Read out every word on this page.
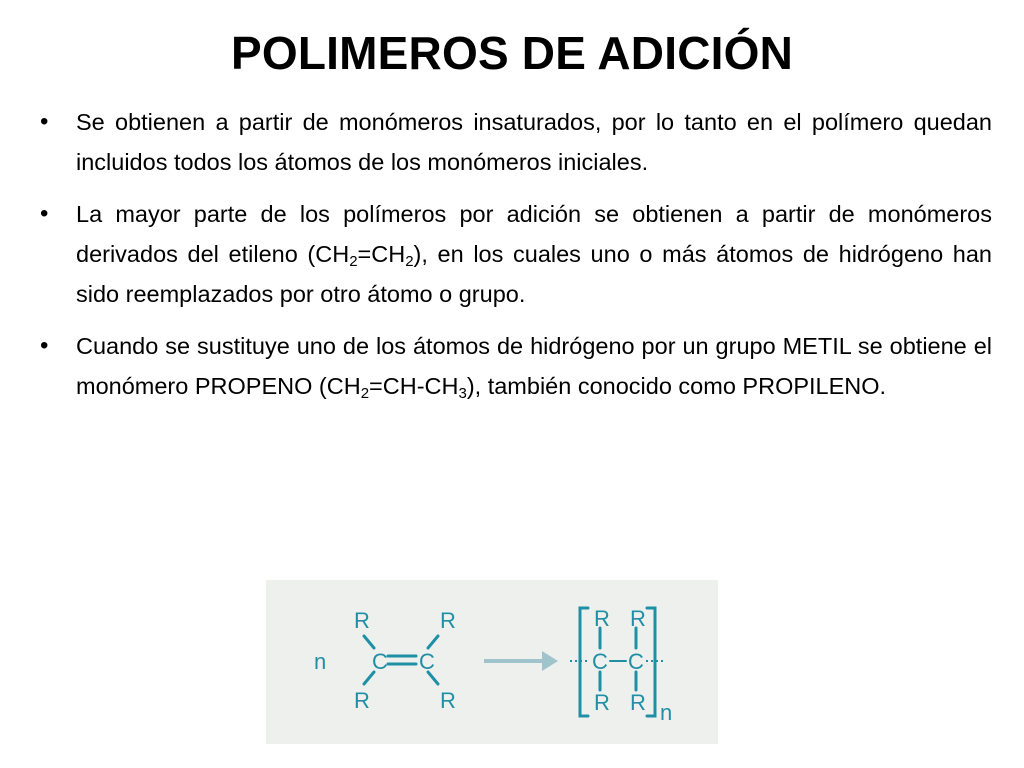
POLIMEROS DE ADICIÓN
•	Se obtienen a partir de monómeros insaturados, por lo tanto en el polímero quedan incluidos todos los átomos de los monómeros iniciales.
•	La mayor parte de los polímeros por adición se obtienen a partir de monómeros derivados del etileno $(CH_2=CH_2)$, en los cuales uno o más átomos de hidrógeno han sido reemplazados por otro átomo o grupo.
•	Cuando se sustituye uno de los átomos de hidrógeno por un grupo METIL se obtiene el monómero PROPENO $(CH_2=CH-CH_3)$, también conocido como PROPILENO.
n
R
R
R
R
C C
R R
C C
R R n
